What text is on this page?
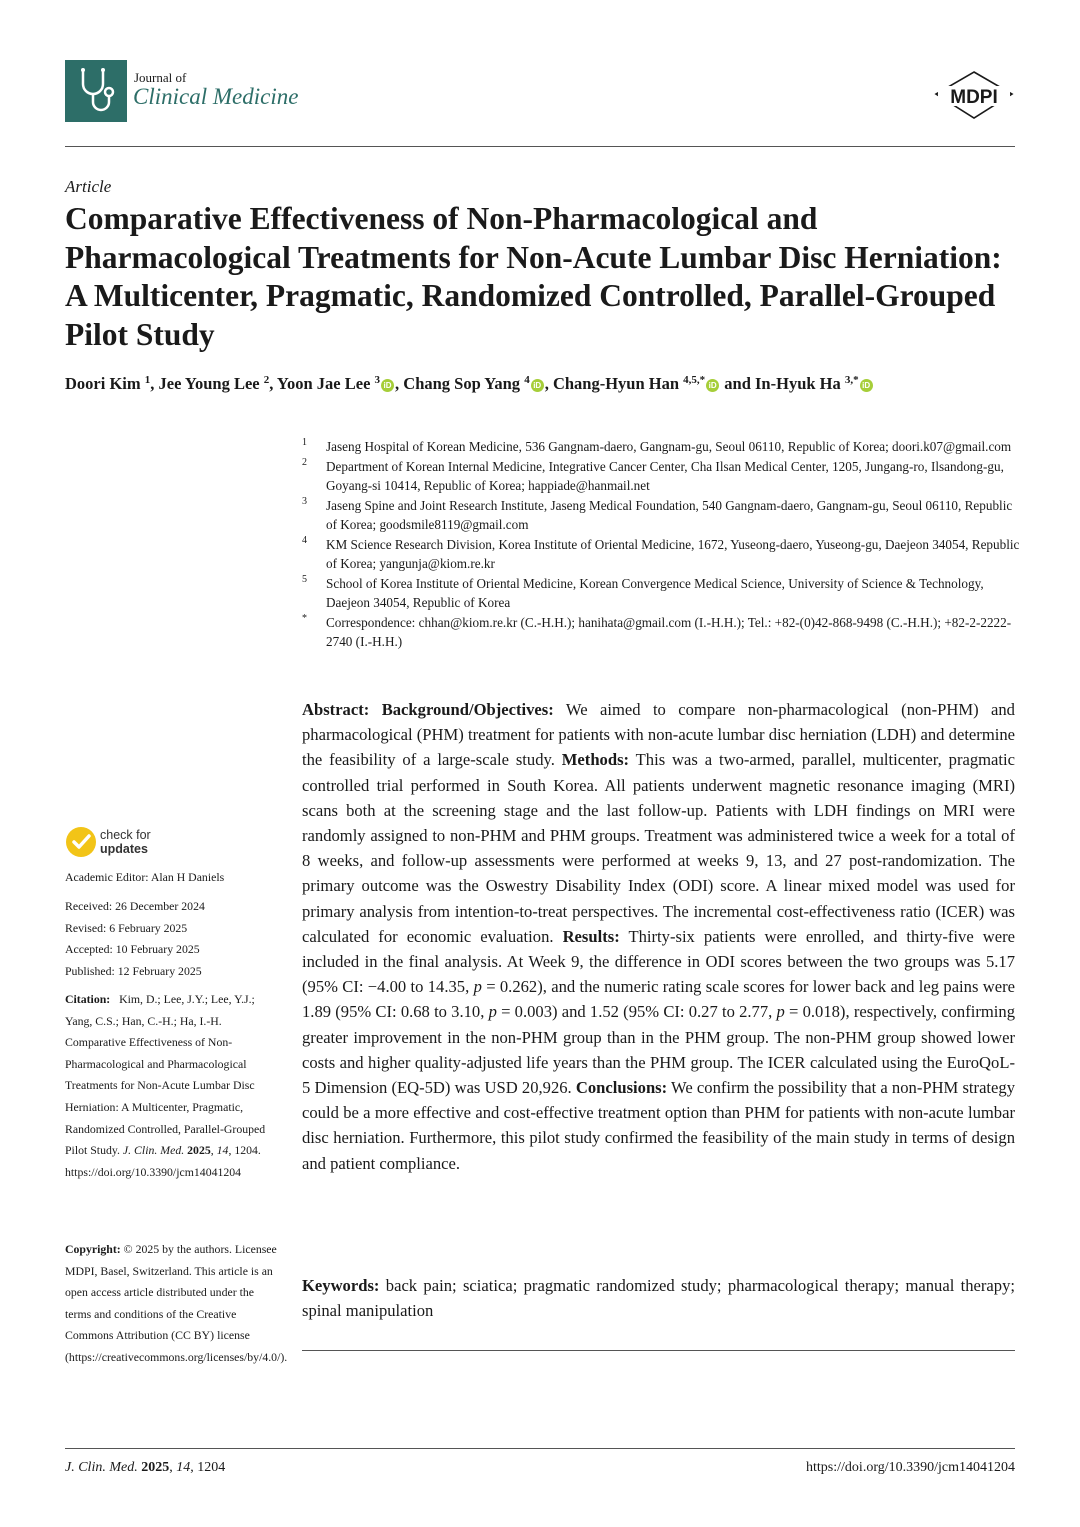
Journal of
Clinical Medicine	MDPI
Article
Comparative Effectiveness of Non-Pharmacological and Pharmacological Treatments for Non-Acute Lumbar Disc Herniation: A Multicenter, Pragmatic, Randomized Controlled, Parallel-Grouped Pilot Study
Doori Kim $^1$, Jee Young Lee $^2$, Yoon Jae Lee $^3$ iD , Chang Sop Yang $^4$ iD , Chang-Hyun Han $^{4,5,*}$ iD and In-Hyuk Ha $^{3,*}$ iD
1 Jaseng Hospital of Korean Medicine, 536 Gangnam-daero, Gangnam-gu, Seoul 06110, Republic of Korea; doori.k07@gmail.com
2 Department of Korean Internal Medicine, Integrative Cancer Center, Cha Ilsan Medical Center, 1205, Jungang-ro, Ilsandong-gu, Goyang-si 10414, Republic of Korea; happiade@hanmail.net
3 Jaseng Spine and Joint Research Institute, Jaseng Medical Foundation, 540 Gangnam-daero, Gangnam-gu, Seoul 06110, Republic of Korea; goodsmile8119@gmail.com
4 KM Science Research Division, Korea Institute of Oriental Medicine, 1672, Yuseong-daero, Yuseong-gu, Daejeon 34054, Republic of Korea; yangunja@kiom.re.kr
5 School of Korea Institute of Oriental Medicine, Korean Convergence Medical Science, University of Science & Technology, Daejeon 34054, Republic of Korea
* Correspondence: chhan@kiom.re.kr (C.-H.H.); hanihata@gmail.com (I.-H.H.); Tel.: +82-(0)42-868-9498 (C.-H.H.); +82-2-2222-2740 (I.-H.H.)
check for
updates
Academic Editor: Alan H Daniels
Received: 26 December 2024
Revised: 6 February 2025
Accepted: 10 February 2025
Published: 12 February 2025
Citation: Kim, D.; Lee, J.Y.; Lee, Y.J.; Yang, C.S.; Han, C.-H.; Ha, I.-H. Comparative Effectiveness of Non-Pharmacological and Pharmacological Treatments for Non-Acute Lumbar Disc Herniation: A Multicenter, Pragmatic, Randomized Controlled, Parallel-Grouped Pilot Study. J. Clin. Med. 2025, 14, 1204. https://doi.org/10.3390/jcm14041204
Copyright: © 2025 by the authors. Licensee MDPI, Basel, Switzerland. This article is an open access article distributed under the terms and conditions of the Creative Commons Attribution (CC BY) license (https://creativecommons.org/licenses/by/4.0/).
Abstract: Background/Objectives: We aimed to compare non-pharmacological (non-PHM) and pharmacological (PHM) treatment for patients with non-acute lumbar disc herniation (LDH) and determine the feasibility of a large-scale study. Methods: This was a two-armed, parallel, multicenter, pragmatic controlled trial performed in South Korea. All patients underwent magnetic resonance imaging (MRI) scans both at the screening stage and the last follow-up. Patients with LDH findings on MRI were randomly assigned to non-PHM and PHM groups. Treatment was administered twice a week for a total of 8 weeks, and follow-up assessments were performed at weeks 9, 13, and 27 post-randomization. The primary outcome was the Oswestry Disability Index (ODI) score. A linear mixed model was used for primary analysis from intention-to-treat perspectives. The incremental cost-effectiveness ratio (ICER) was calculated for economic evaluation. Results: Thirty-six patients were enrolled, and thirty-five were included in the final analysis. At Week 9, the difference in ODI scores between the two groups was 5.17 (95% CI: −4.00 to 14.35, p = 0.262), and the numeric rating scale scores for lower back and leg pains were 1.89 (95% CI: 0.68 to 3.10, p = 0.003) and 1.52 (95% CI: 0.27 to 2.77, p = 0.018), respectively, confirming greater improvement in the non-PHM group than in the PHM group. The non-PHM group showed lower costs and higher quality-adjusted life years than the PHM group. The ICER calculated using the EuroQoL-5 Dimension (EQ-5D) was USD 20,926. Conclusions: We confirm the possibility that a non-PHM strategy could be a more effective and cost-effective treatment option than PHM for patients with non-acute lumbar disc herniation. Furthermore, this pilot study confirmed the feasibility of the main study in terms of design and patient compliance.
Keywords: back pain; sciatica; pragmatic randomized study; pharmacological therapy; manual therapy; spinal manipulation
J. Clin. Med. 2025, 14, 1204	https://doi.org/10.3390/jcm14041204
